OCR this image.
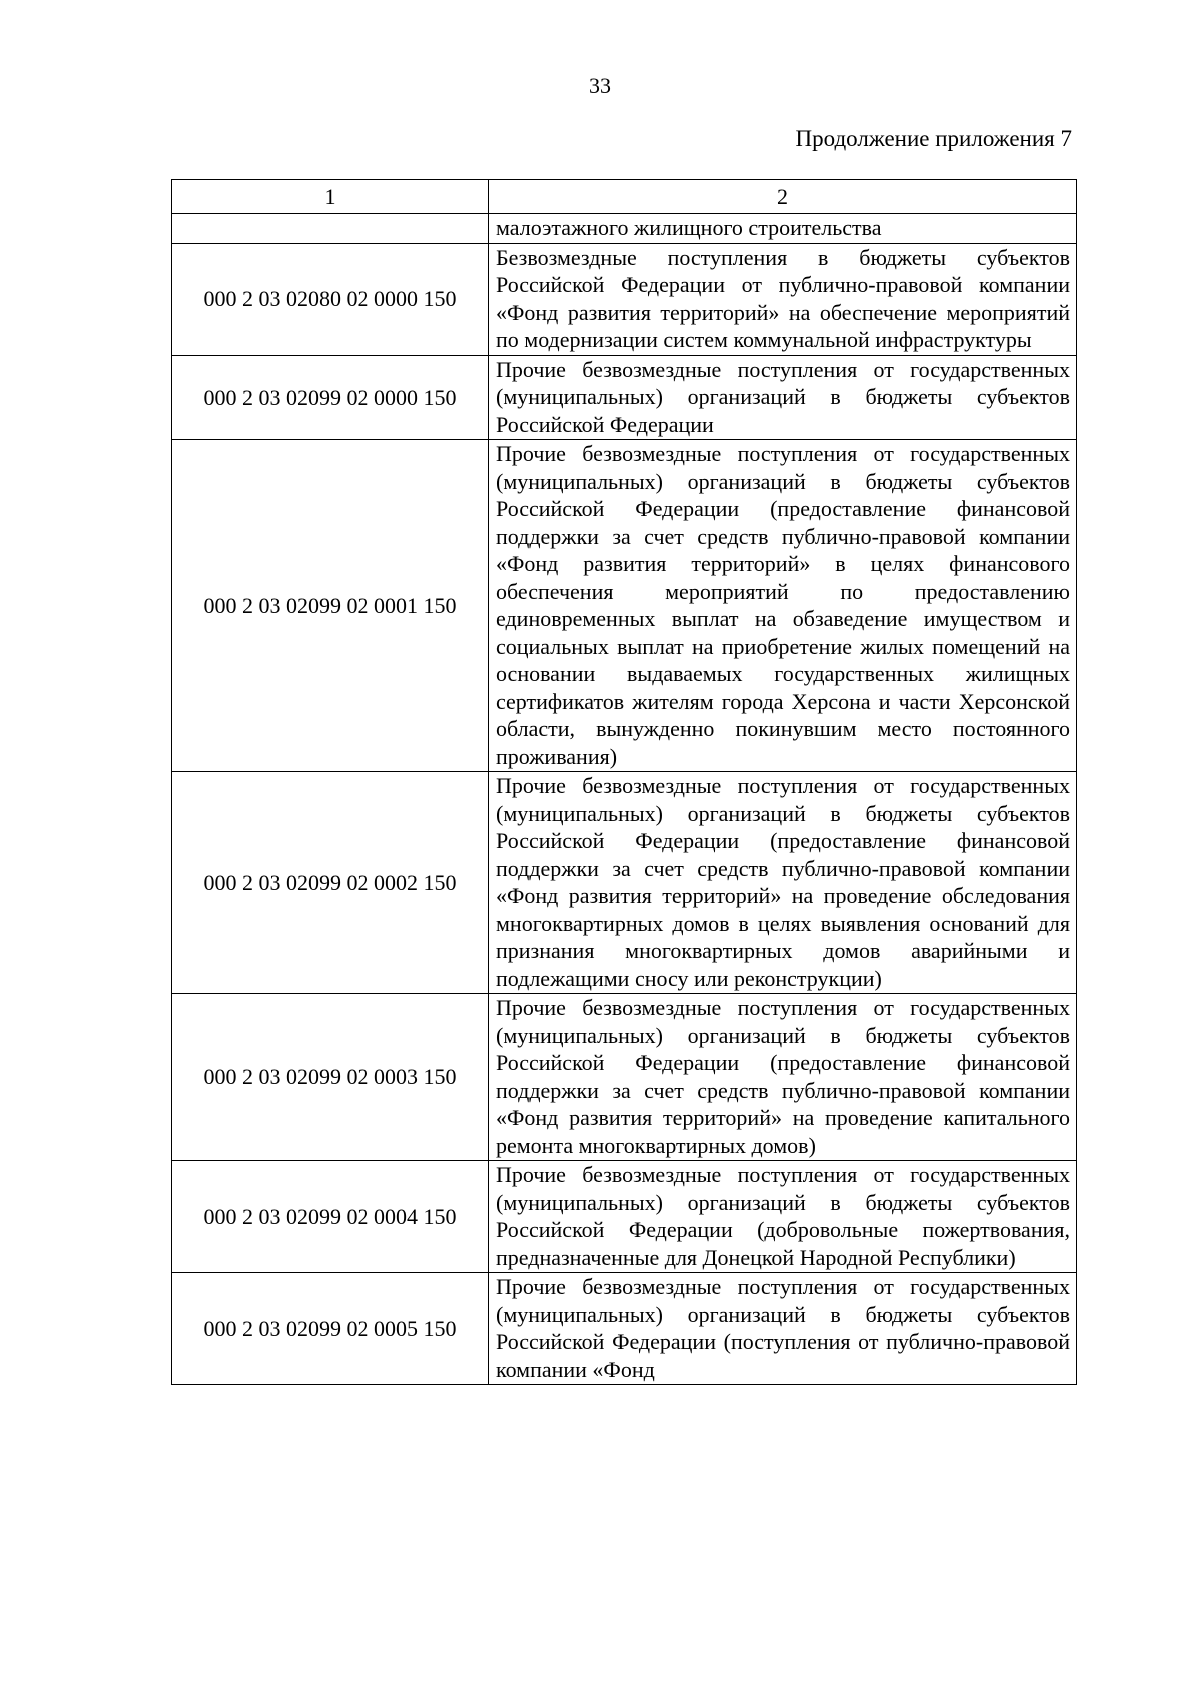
33
Продолжение приложения 7
1	2
	малоэтажного жилищного строительства
000 2 03 02080 02 0000 150	Безвозмездные поступления в бюджеты субъектов Российской Федерации от публично-правовой компании «Фонд развития территорий» на обеспечение мероприятий по модернизации систем коммунальной инфраструктуры
000 2 03 02099 02 0000 150	Прочие безвозмездные поступления от государственных (муниципальных) организаций в бюджеты субъектов Российской Федерации
000 2 03 02099 02 0001 150	Прочие безвозмездные поступления от государственных (муниципальных) организаций в бюджеты субъектов Российской Федерации (предоставление финансовой поддержки за счет средств публично-правовой компании «Фонд развития территорий» в целях финансового обеспечения мероприятий по предоставлению единовременных выплат на обзаведение имуществом и социальных выплат на приобретение жилых помещений на основании выдаваемых государственных жилищных сертификатов жителям города Херсона и части Херсонской области, вынужденно покинувшим место постоянного проживания)
000 2 03 02099 02 0002 150	Прочие безвозмездные поступления от государственных (муниципальных) организаций в бюджеты субъектов Российской Федерации (предоставление финансовой поддержки за счет средств публично-правовой компании «Фонд развития территорий» на проведение обследования многоквартирных домов в целях выявления оснований для признания многоквартирных домов аварийными и подлежащими сносу или реконструкции)
000 2 03 02099 02 0003 150	Прочие безвозмездные поступления от государственных (муниципальных) организаций в бюджеты субъектов Российской Федерации (предоставление финансовой поддержки за счет средств публично-правовой компании «Фонд развития территорий» на проведение капитального ремонта многоквартирных домов)
000 2 03 02099 02 0004 150	Прочие безвозмездные поступления от государственных (муниципальных) организаций в бюджеты субъектов Российской Федерации (добровольные пожертвования, предназначенные для Донецкой Народной Республики)
000 2 03 02099 02 0005 150	Прочие безвозмездные поступления от государственных (муниципальных) организаций в бюджеты субъектов Российской Федерации (поступления от публично-правовой компании «Фонд
